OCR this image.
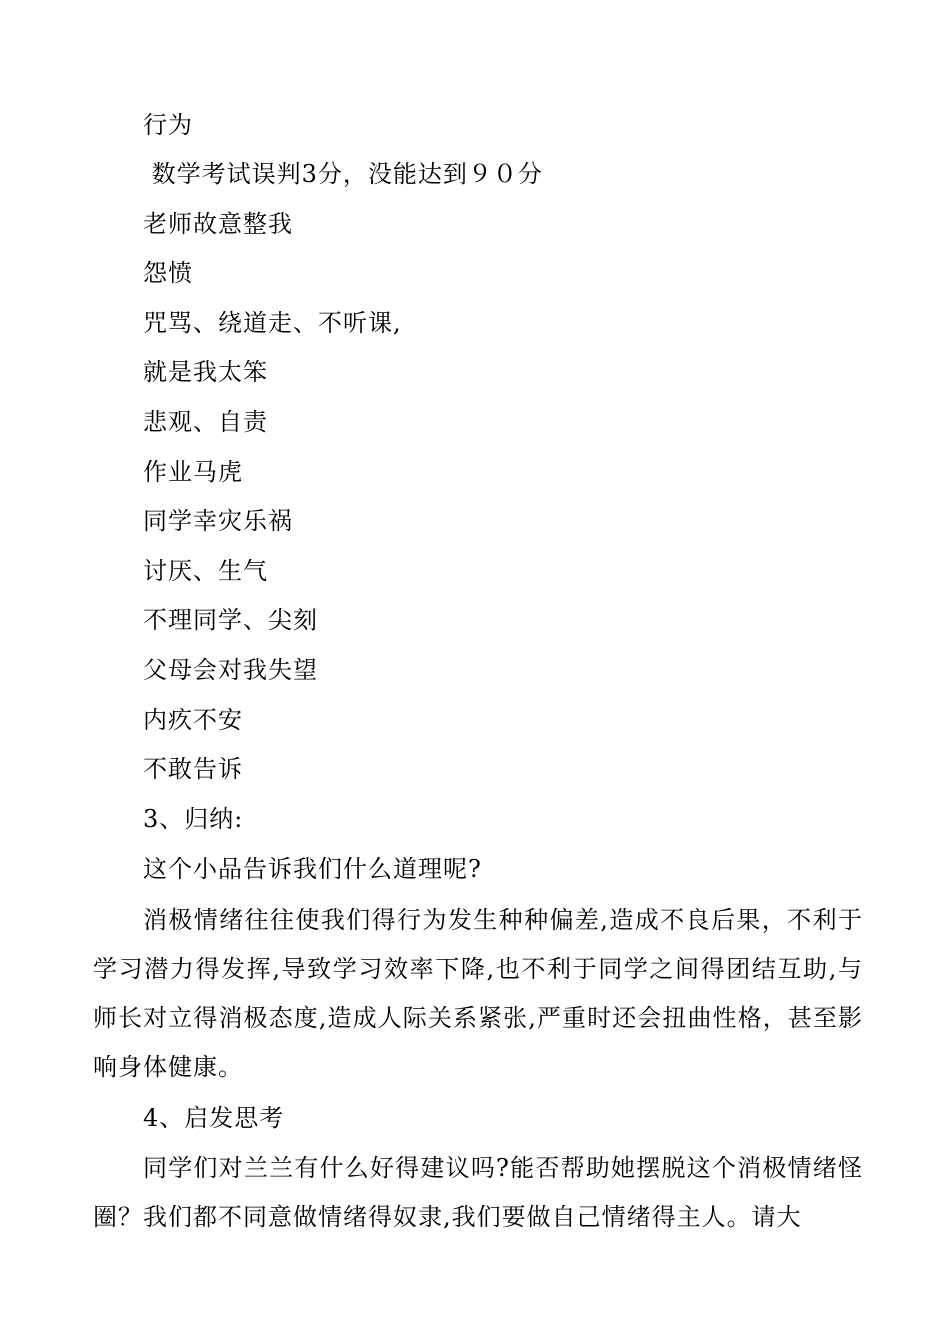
行为
数学考试误判3分，没能达到９０分
老师故意整我
怨愤
咒骂、绕道走、不听课,
就是我太笨
悲观、自责
作业马虎
同学幸灾乐祸
讨厌、生气
不理同学、尖刻
父母会对我失望
内疚不安
不敢告诉
3、归纳:
这个小品告诉我们什么道理呢?
消极情绪往往使我们得行为发生种种偏差,造成不良后果，不利于学习潜力得发挥,导致学习效率下降,也不利于同学之间得团结互助,与师长对立得消极态度,造成人际关系紧张,严重时还会扭曲性格，甚至影响身体健康。
4、启发思考
同学们对兰兰有什么好得建议吗?能否帮助她摆脱这个消极情绪怪圈？我们都不同意做情绪得奴隶,我们要做自己情绪得主人。请大
